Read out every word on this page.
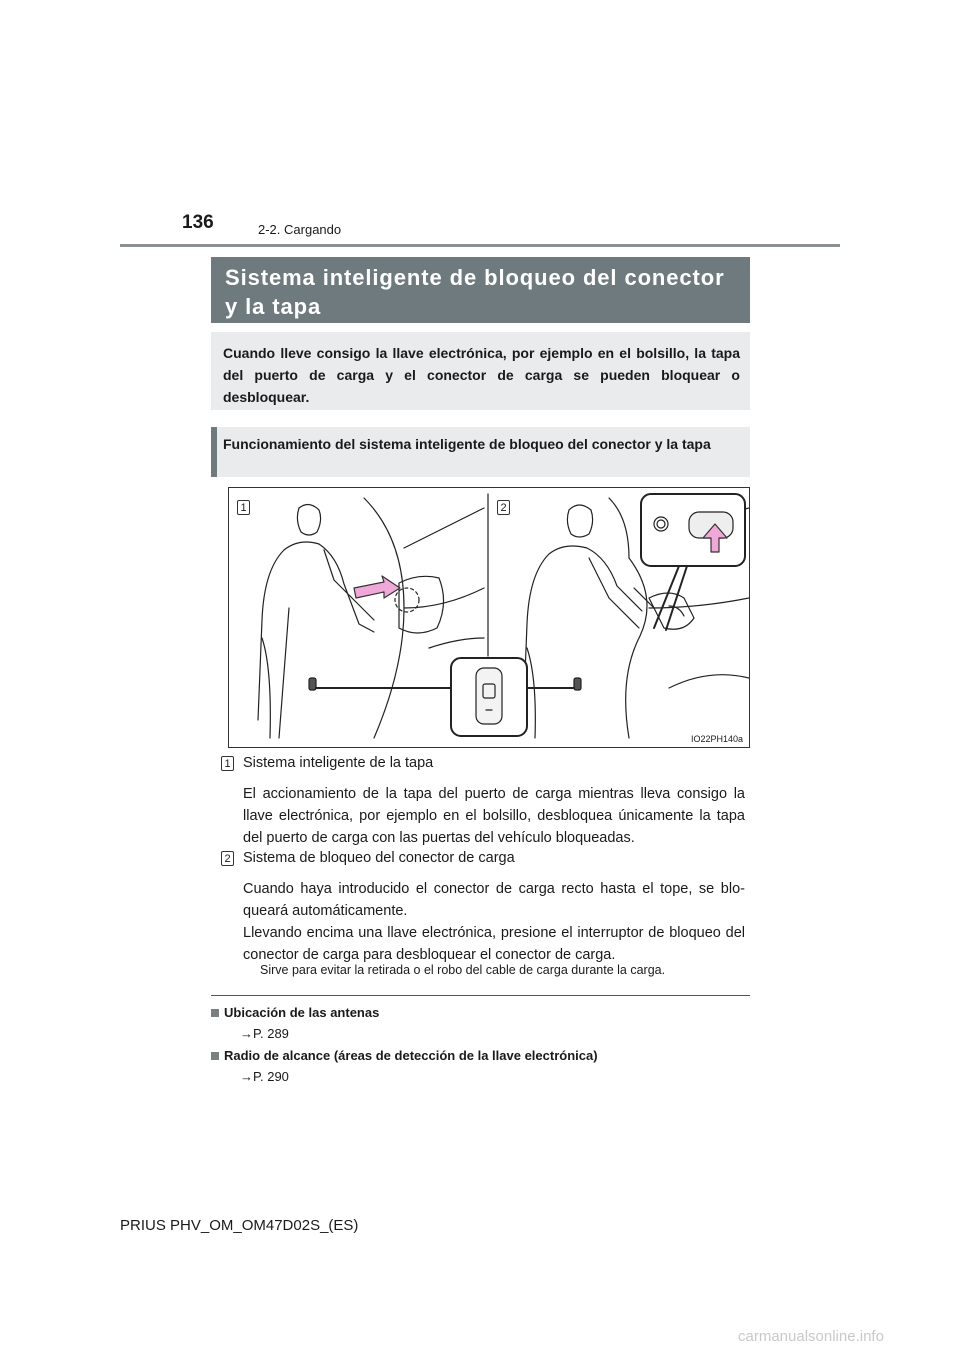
136	2-2. Cargando
Sistema inteligente de bloqueo del conector y la tapa
Cuando lleve consigo la llave electrónica, por ejemplo en el bolsillo, la tapa del puerto de carga y el conector de carga se pueden bloquear o desbloquear.
Funcionamiento del sistema inteligente de bloqueo del conector y la tapa
1	2
IO22PH140a
1 Sistema inteligente de la tapa
El accionamiento de la tapa del puerto de carga mientras lleva consigo la llave electrónica, por ejemplo en el bolsillo, desbloquea únicamente la tapa del puerto de carga con las puertas del vehículo bloqueadas.
2 Sistema de bloqueo del conector de carga
Cuando haya introducido el conector de carga recto hasta el tope, se blo-queará automáticamente.
Llevando encima una llave electrónica, presione el interruptor de bloqueo del conector de carga para desbloquear el conector de carga.
Sirve para evitar la retirada o el robo del cable de carga durante la carga.
Ubicación de las antenas
→P. 289
Radio de alcance (áreas de detección de la llave electrónica)
→P. 290
PRIUS PHV_OM_OM47D02S_(ES)
carmanualsonline.info
